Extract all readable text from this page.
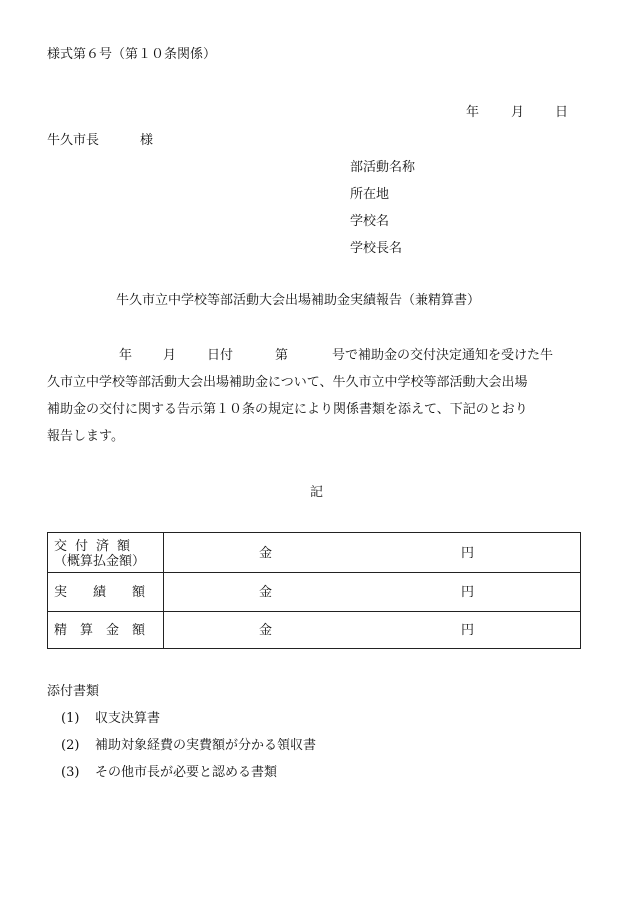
様式第６号（第１０条関係）
年 月 日
牛久市長	様
部活動名称
所在地
学校名
学校長名
牛久市立中学校等部活動大会出場補助金実績報告（兼精算書）
年 月 日付	第	号で補助金の交付決定通知を受けた牛
久市立中学校等部活動大会出場補助金について、牛久市立中学校等部活動大会出場
補助金の交付に関する告示第１０条の規定により関係書類を添えて、下記のとおり
報告します。
記
交付済額
（概算払金額）
金	円
実績額	金	円
精算金額	金	円
添付書類
(1) 収支決算書
(2) 補助対象経費の実費額が分かる領収書
(3) その他市長が必要と認める書類
